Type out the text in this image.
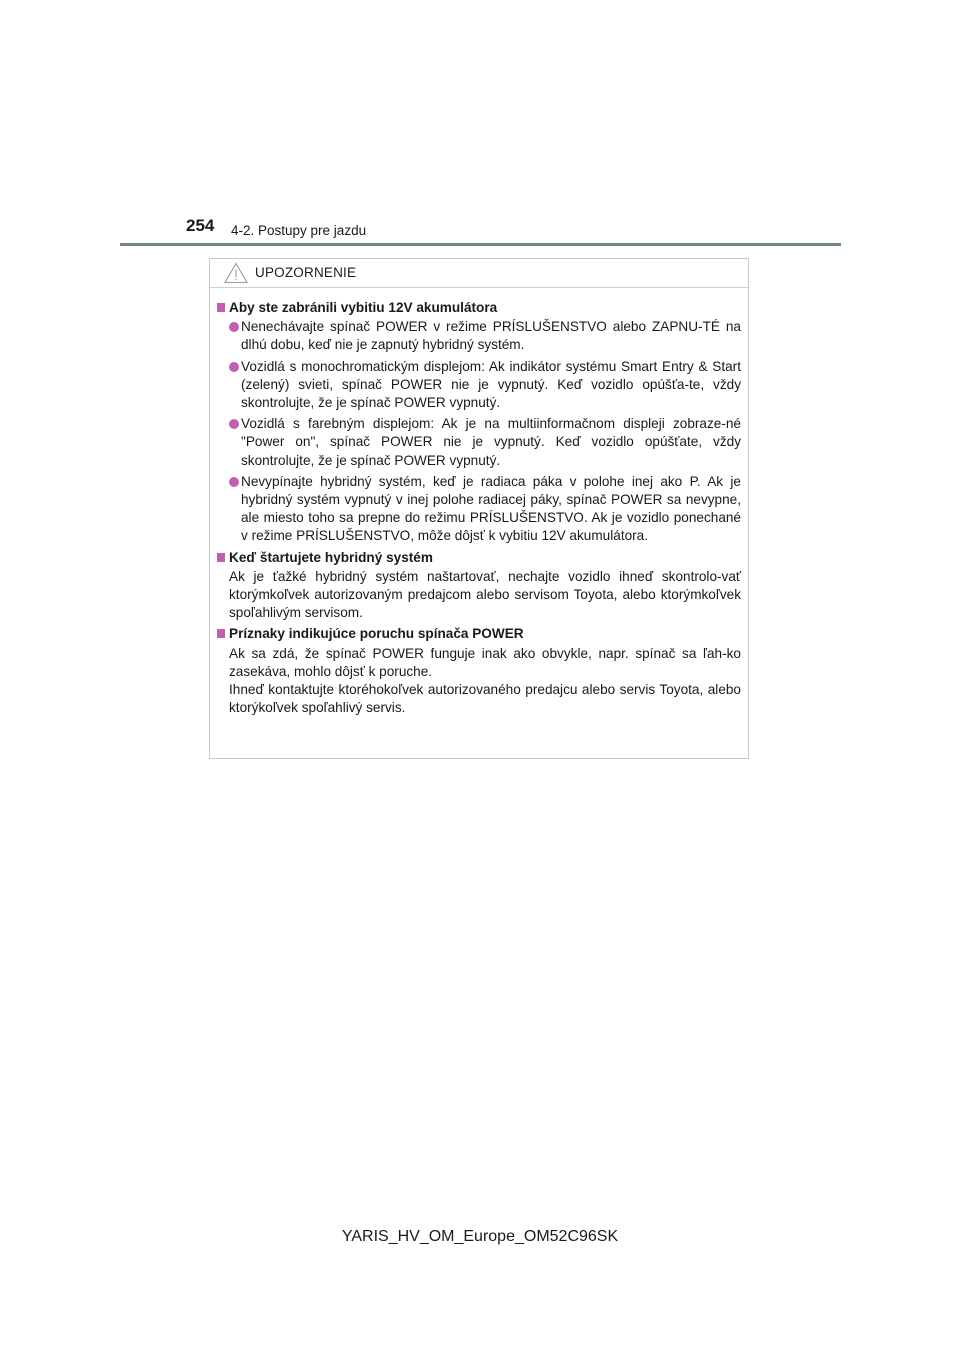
254 4-2. Postupy pre jazdu
UPOZORNENIE
Aby ste zabránili vybitiu 12V akumulátora
Nenechávajte spínač POWER v režime PRÍSLUŠENSTVO alebo ZAPNU-TÉ na dlhú dobu, keď nie je zapnutý hybridný systém.
Vozidlá s monochromatickým displejom: Ak indikátor systému Smart Entry & Start (zelený) svieti, spínač POWER nie je vypnutý. Keď vozidlo opúšťa-te, vždy skontrolujte, že je spínač POWER vypnutý.
Vozidlá s farebným displejom: Ak je na multiinformačnom displeji zobraze-né "Power on", spínač POWER nie je vypnutý. Keď vozidlo opúšťate, vždy skontrolujte, že je spínač POWER vypnutý.
Nevypínajte hybridný systém, keď je radiaca páka v polohe inej ako P. Ak je hybridný systém vypnutý v inej polohe radiacej páky, spínač POWER sa nevypne, ale miesto toho sa prepne do režimu PRÍSLUŠENSTVO. Ak je vozidlo ponechané v režime PRÍSLUŠENSTVO, môže dôjsť k vybitiu 12V akumulátora.
Keď štartujete hybridný systém
Ak je ťažké hybridný systém naštartovať, nechajte vozidlo ihneď skontrolo-vať ktorýmkoľvek autorizovaným predajcom alebo servisom Toyota, alebo ktorýmkoľvek spoľahlivým servisom.
Príznaky indikujúce poruchu spínača POWER
Ak sa zdá, že spínač POWER funguje inak ako obvykle, napr. spínač sa ľah-ko zasekáva, mohlo dôjsť k poruche.
Ihneď kontaktujte ktoréhokoľvek autorizovaného predajcu alebo servis Toyota, alebo ktorýkoľvek spoľahlivý servis.
YARIS_HV_OM_Europe_OM52C96SK
